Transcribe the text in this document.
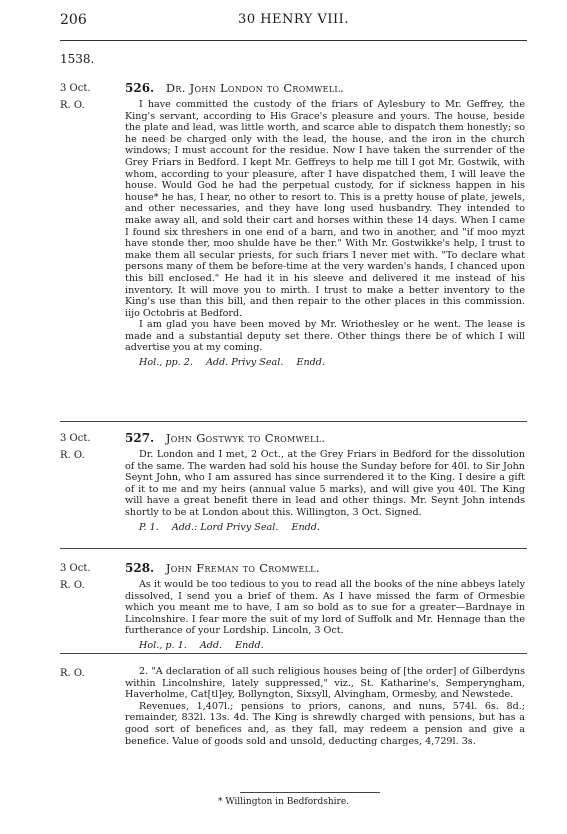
206	30 HENRY VIII.
1538.
3 Oct.
R. O.
526. Dr. John London to Cromwell.

I have committed the custody of the friars of Aylesbury to Mr. Geffrey, the King's servant, according to His Grace's pleasure and yours. The house, beside the plate and lead, was little worth, and scarce able to dispatch them honestly; so he need be charged only with the lead, the house, and the iron in the church windows; I must account for the residue. Now I have taken the surrender of the Grey Friars in Bedford. I kept Mr. Geffreys to help me till I got Mr. Gostwik, with whom, according to your pleasure, after I have dispatched them, I will leave the house. Would God he had the perpetual custody, for if sickness happen in his house* he has, I hear, no other to resort to. This is a pretty house of plate, jewels, and other necessaries, and they have long used husbandry. They intended to make away all, and sold their cart and horses within these 14 days. When I came I found six threshers in one end of a barn, and two in another, and "if moo myzt have stonde ther, moo shulde have be ther." With Mr. Gostwikke's help, I trust to make them all secular priests, for such friars I never met with. "To declare what persons many of them be before-time at the very warden's hands, I chanced upon this bill enclosed." He had it in his sleeve and delivered it me instead of his inventory. It will move you to mirth. I trust to make a better inventory to the King's use than this bill, and then repair to the other places in this commission. iijo Octobris at Bedford.

I am glad you have been moved by Mr. Wriothesley or he went. The lease is made and a substantial deputy set there. Other things there be of which I will advertise you at my coming.

Hol., pp. 2. Add. Privy Seal. Endd.
3 Oct.
R. O.
527. John Gostwyk to Cromwell.

Dr. London and I met, 2 Oct., at the Grey Friars in Bedford for the dissolution of the same. The warden had sold his house the Sunday before for 40l. to Sir John Seynt John, who I am assured has since surrendered it to the King. I desire a gift of it to me and my heirs (annual value 5 marks), and will give you 40l. The King will have a great benefit there in lead and other things. Mr. Seynt John intends shortly to be at London about this. Willington, 3 Oct. Signed.

P. 1. Add.: Lord Privy Seal. Endd.
3 Oct.
R. O.
528. John Freman to Cromwell.

As it would be too tedious to you to read all the books of the nine abbeys lately dissolved, I send you a brief of them. As I have missed the farm of Ormesbie which you meant me to have, I am so bold as to sue for a greater—Bardnaye in Lincolnshire. I fear more the suit of my lord of Suffolk and Mr. Hennage than the furtherance of your Lordship. Lincoln, 3 Oct.

Hol., p. 1. Add. Endd.
R. O.	2. "A declaration of all such religious houses being of [the order] of Gilberdyns within Lincolnshire, lately suppressed," viz., St. Katharine's, Semperyngham, Haverholme, Cat[tl]ey, Bollyngton, Sixsyll, Alvingham, Ormesby, and Newstede.

Revenues, 1,407l.; pensions to priors, canons, and nuns, 574l. 6s. 8d.; remainder, 832l. 13s. 4d. The King is shrewdly charged with pensions, but has a good sort of benefices and, as they fall, may redeem a pension and give a benefice. Value of goods sold and unsold, deducting charges, 4,729l. 3s.

* Willington in Bedfordshire.
